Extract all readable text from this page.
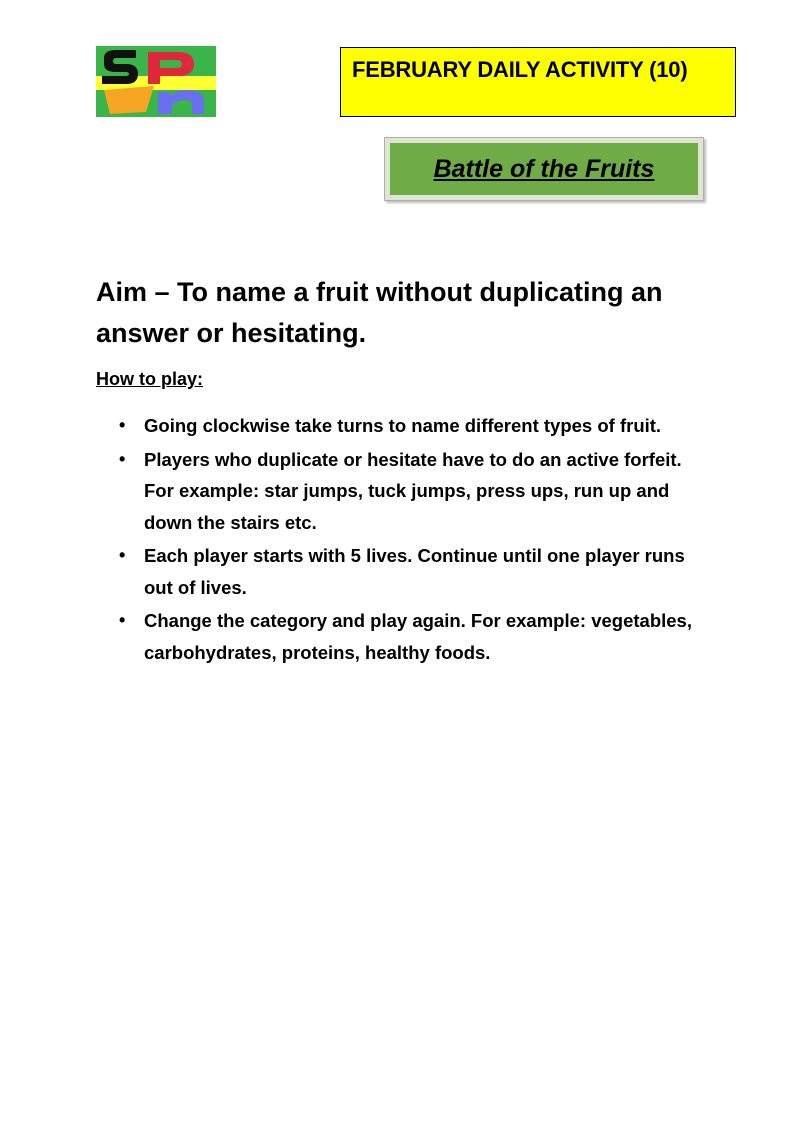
FEBRUARY DAILY ACTIVITY (10)
Battle of the Fruits
Aim – To name a fruit without duplicating an answer or hesitating.
How to play:
• Going clockwise take turns to name different types of fruit.
• Players who duplicate or hesitate have to do an active forfeit. For example: star jumps, tuck jumps, press ups, run up and down the stairs etc.
• Each player starts with 5 lives. Continue until one player runs out of lives.
• Change the category and play again. For example: vegetables, carbohydrates, proteins, healthy foods.
